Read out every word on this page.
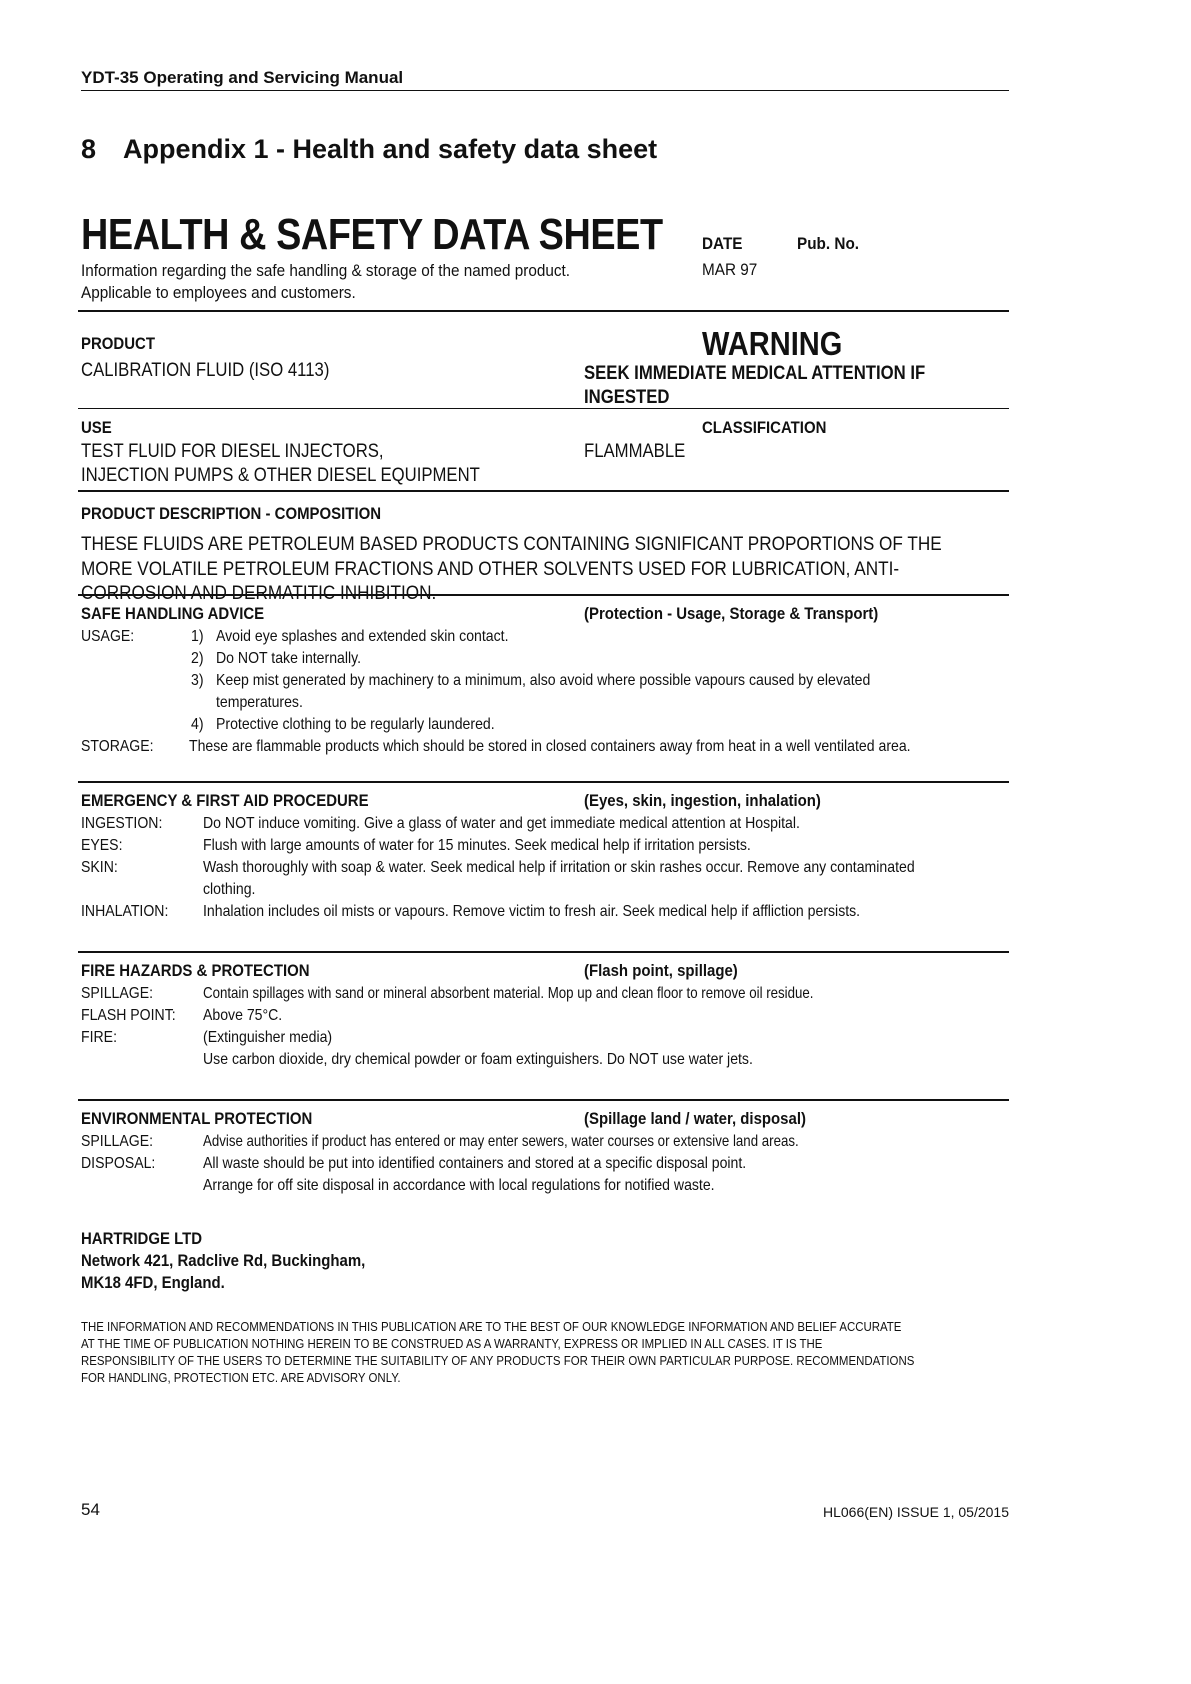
YDT-35 Operating and Servicing Manual
8 Appendix 1 - Health and safety data sheet
HEALTH & SAFETY DATA SHEET DATE	Pub. No.
MAR 97
Information regarding the safe handling & storage of the named product.
Applicable to employees and customers.
PRODUCT
CALIBRATION FLUID (ISO 4113)
WARNING
SEEK IMMEDIATE MEDICAL ATTENTION IF
INGESTED
USE	CLASSIFICATION
TEST FLUID FOR DIESEL INJECTORS,	FLAMMABLE
INJECTION PUMPS & OTHER DIESEL EQUIPMENT
PRODUCT DESCRIPTION - COMPOSITION
THESE FLUIDS ARE PETROLEUM BASED PRODUCTS CONTAINING SIGNIFICANT PROPORTIONS OF THE
MORE VOLATILE PETROLEUM FRACTIONS AND OTHER SOLVENTS USED FOR LUBRICATION, ANTI-
CORROSION AND DERMATITIC INHIBITION.
SAFE HANDLING ADVICE	(Protection - Usage, Storage & Transport)
USAGE:	1) Avoid eye splashes and extended skin contact.
2) Do NOT take internally.
3) Keep mist generated by machinery to a minimum, also avoid where possible vapours caused by elevated
temperatures.
4) Protective clothing to be regularly laundered.
STORAGE: These are flammable products which should be stored in closed containers away from heat in a well ventilated area.
EMERGENCY & FIRST AID PROCEDURE	(Eyes, skin, ingestion, inhalation)
INGESTION:	Do NOT induce vomiting. Give a glass of water and get immediate medical attention at Hospital.
EYES:	Flush with large amounts of water for 15 minutes. Seek medical help if irritation persists.
SKIN:	Wash thoroughly with soap & water. Seek medical help if irritation or skin rashes occur. Remove any contaminated
clothing.
INHALATION: Inhalation includes oil mists or vapours. Remove victim to fresh air. Seek medical help if affliction persists.
FIRE HAZARDS & PROTECTION	(Flash point, spillage)
SPILLAGE:	Contain spillages with sand or mineral absorbent material. Mop up and clean floor to remove oil residue.
FLASH POINT: Above 75°C.
FIRE:	(Extinguisher media)
Use carbon dioxide, dry chemical powder or foam extinguishers. Do NOT use water jets.
ENVIRONMENTAL PROTECTION	(Spillage land / water, disposal)
SPILLAGE:	Advise authorities if product has entered or may enter sewers, water courses or extensive land areas.
DISPOSAL:	All waste should be put into identified containers and stored at a specific disposal point.
Arrange for off site disposal in accordance with local regulations for notified waste.
HARTRIDGE LTD
Network 421, Radclive Rd, Buckingham,
MK18 4FD, England.
THE INFORMATION AND RECOMMENDATIONS IN THIS PUBLICATION ARE TO THE BEST OF OUR KNOWLEDGE INFORMATION AND BELIEF ACCURATE
AT THE TIME OF PUBLICATION NOTHING HEREIN TO BE CONSTRUED AS A WARRANTY, EXPRESS OR IMPLIED IN ALL CASES. IT IS THE
RESPONSIBILITY OF THE USERS TO DETERMINE THE SUITABILITY OF ANY PRODUCTS FOR THEIR OWN PARTICULAR PURPOSE. RECOMMENDATIONS
FOR HANDLING, PROTECTION ETC. ARE ADVISORY ONLY.
54	HL066(EN) ISSUE 1, 05/2015
